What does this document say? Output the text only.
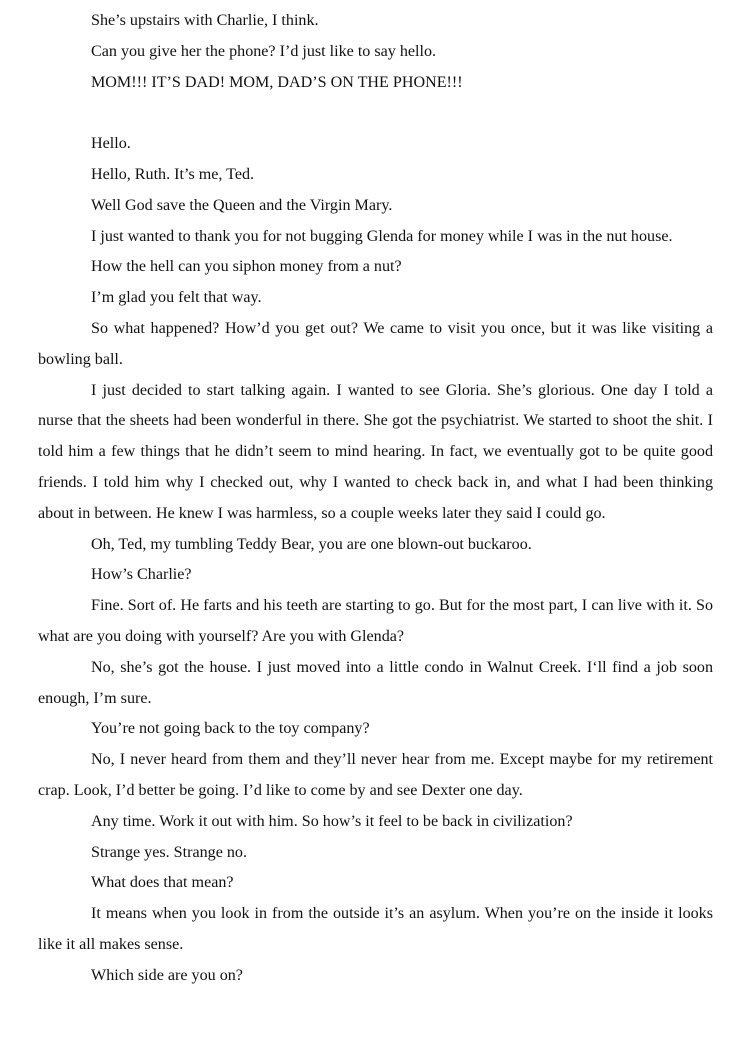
She’s upstairs with Charlie, I think.

Can you give her the phone? I’d just like to say hello.

MOM!!! IT’S DAD! MOM, DAD’S ON THE PHONE!!!

Hello.

Hello, Ruth. It’s me, Ted.

Well God save the Queen and the Virgin Mary.

I just wanted to thank you for not bugging Glenda for money while I was in the nut house.

How the hell can you siphon money from a nut?

I’m glad you felt that way.

So what happened? How’d you get out? We came to visit you once, but it was like visiting a bowling ball.

I just decided to start talking again. I wanted to see Gloria. She’s glorious. One day I told a nurse that the sheets had been wonderful in there. She got the psychiatrist. We started to shoot the shit. I told him a few things that he didn’t seem to mind hearing. In fact, we eventually got to be quite good friends. I told him why I checked out, why I wanted to check back in, and what I had been thinking about in between. He knew I was harmless, so a couple weeks later they said I could go.

Oh, Ted, my tumbling Teddy Bear, you are one blown-out buckaroo.

How’s Charlie?

Fine. Sort of. He farts and his teeth are starting to go. But for the most part, I can live with it. So what are you doing with yourself? Are you with Glenda?

No, she’s got the house. I just moved into a little condo in Walnut Creek. I‘ll find a job soon enough, I’m sure.

You’re not going back to the toy company?

No, I never heard from them and they’ll never hear from me. Except maybe for my retirement crap. Look, I’d better be going. I’d like to come by and see Dexter one day.

Any time. Work it out with him. So how’s it feel to be back in civilization?

Strange yes. Strange no.

What does that mean?

It means when you look in from the outside it’s an asylum. When you’re on the inside it looks like it all makes sense.

Which side are you on?
